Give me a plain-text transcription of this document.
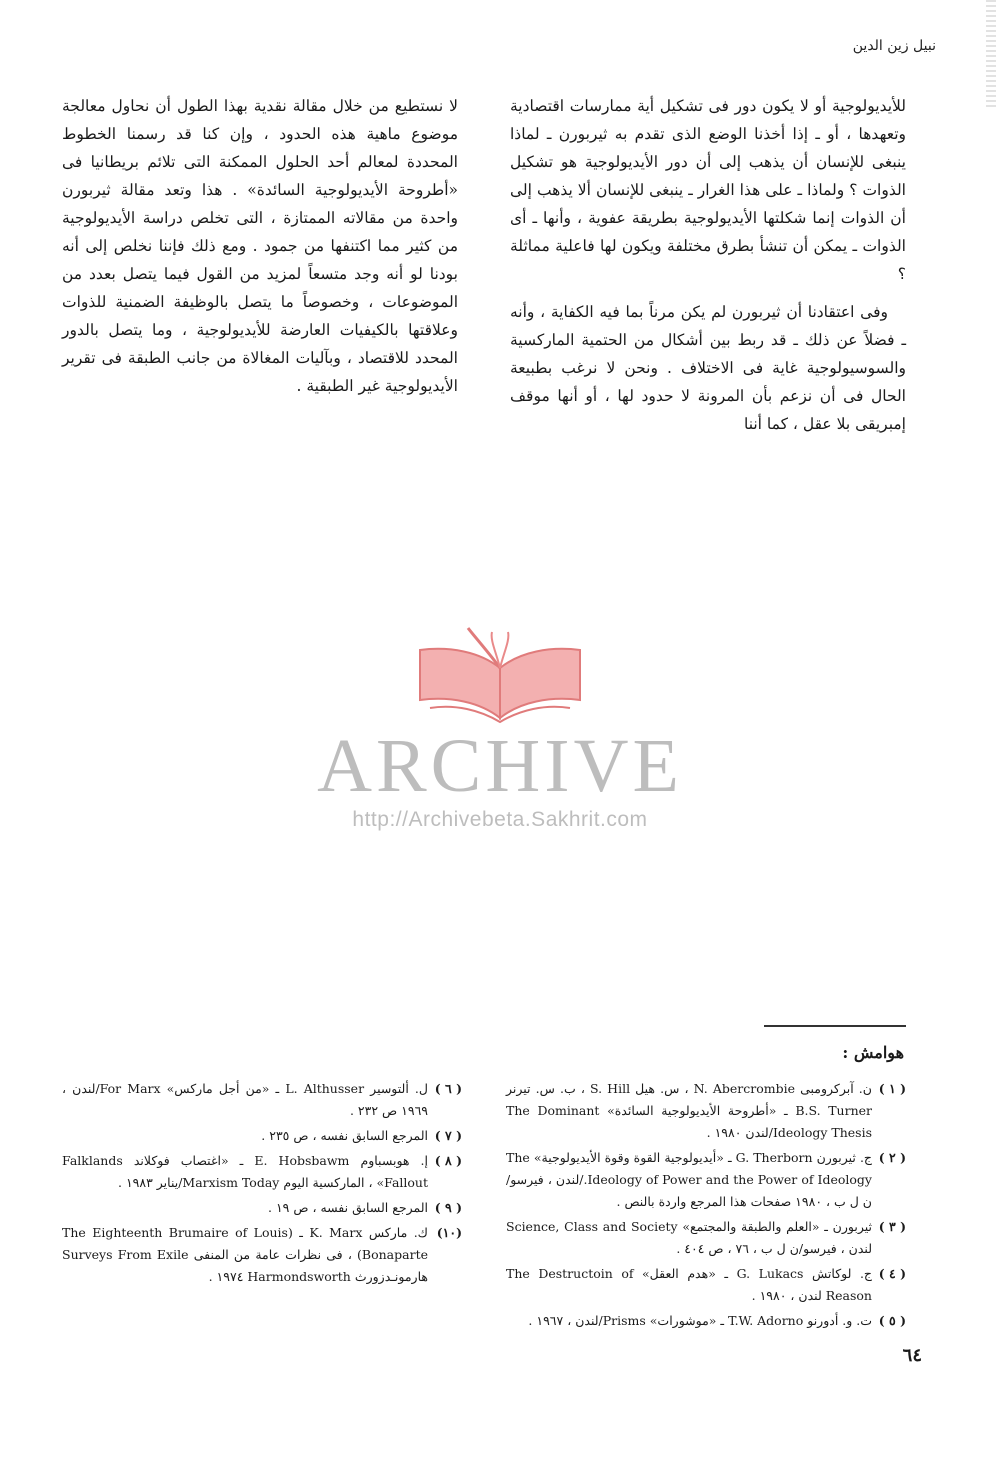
نبيل زين الدين

للأيديولوجية أو لا يكون دور فى تشكيل أية ممارسات اقتصادية وتعهدها ، أو ـ إذا أخذنا الوضع الذى تقدم به ثيربورن ـ لماذا ينبغى للإنسان أن يذهب إلى أن دور الأيديولوجية هو تشكيل الذوات ؟ ولماذا ـ على هذا الغرار ـ ينبغى للإنسان ألا يذهب إلى أن الذوات إنما شكلتها الأيديولوجية بطريقة عفوية ، وأنها ـ أى الذوات ـ يمكن أن تنشأ بطرق مختلفة ويكون لها فاعلية مماثلة ؟

وفى اعتقادنا أن ثيربورن لم يكن مرناً بما فيه الكفاية ، وأنه ـ فضلاً عن ذلك ـ قد ربط بين أشكال من الحتمية الماركسية والسوسيولوجية غاية فى الاختلاف . ونحن لا نرغب بطبيعة الحال فى أن نزعم بأن المرونة لا حدود لها ، أو أنها موقف إمبريقى بلا عقل ، كما أننا

لا نستطيع من خلال مقالة نقدية بهذا الطول أن نحاول معالجة موضوع ماهية هذه الحدود ، وإن كنا قد رسمنا الخطوط المحددة لمعالم أحد الحلول الممكنة التى تلائم بريطانيا فى «أطروحة الأيديولوجية السائدة» . هذا وتعد مقالة ثيربورن واحدة من مقالاته الممتازة ، التى تخلص دراسة الأيديولوجية من كثير مما اكتنفها من جمود . ومع ذلك فإننا نخلص إلى أنه بودنا لو أنه وجد متسعاً لمزيد من القول فيما يتصل بعدد من الموضوعات ، وخصوصاً ما يتصل بالوظيفة الضمنية للذوات وعلاقتها بالكيفيات العارضة للأيديولوجية ، وما يتصل بالدور المحدد للاقتصاد ، وبآليات المغالاة من جانب الطبقة فى تقرير الأيديولوجية غير الطبقية .

ARCHIVE
http://Archivebeta.Sakhrit.com
هوامش :
( ١ )
ن. آبركرومبى N. Abercrombie ، س. هيل S. Hill ، ب. س. تيرنر B.S. Turner ـ «أطروحة الأيديولوجية السائدة» The Dominant Ideology Thesis/لندن ١٩٨٠ .
( ٢ )
ج. ثيربورن G. Therborn ـ «أيديولوجية القوة وقوة الأيديولوجية» The Ideology of Power and the Power of Ideology./لندن ، فيرسو/ن ل ب ، ١٩٨٠ صفحات هذا المرجع واردة بالنص .
( ٣ )
ثيربورن ـ «العلم والطبقة والمجتمع» Science, Class and Society لندن ، فيرسو/ن ل ب ، ٧٦ ، ص ٤٠٤ .
( ٤ )
ج. لوكاتش G. Lukacs ـ «هدم العقل» The Destructoin of Reason لندن ، ١٩٨٠ .
( ٥ )
ت. و. أدورنو T.W. Adorno ـ «موشورات» Prisms/لندن ، ١٩٦٧ .
( ٦ )
ل. ألتوسير L. Althusser ـ «من أجل ماركس» For Marx/لندن ، ١٩٦٩ ص ٢٣٢ .
( ٧ )
المرجع السابق نفسه ، ص ٢٣٥ .
( ٨ )
إ. هوبسباوم E. Hobsbawm ـ «اغتصاب فوكلاند Falklands Fallout» ، الماركسية اليوم Marxism Today/يناير ١٩٨٣ .
( ٩ )
المرجع السابق نفسه ، ص ١٩ .
(١٠)
ك. ماركس K. Marx ـ (The Eighteenth Brumaire of Louis Bonaparte) ، فى نظرات عامة من المنفى Surveys From Exile هارمونـدزورث Harmondsworth ١٩٧٤ .
٦٤
